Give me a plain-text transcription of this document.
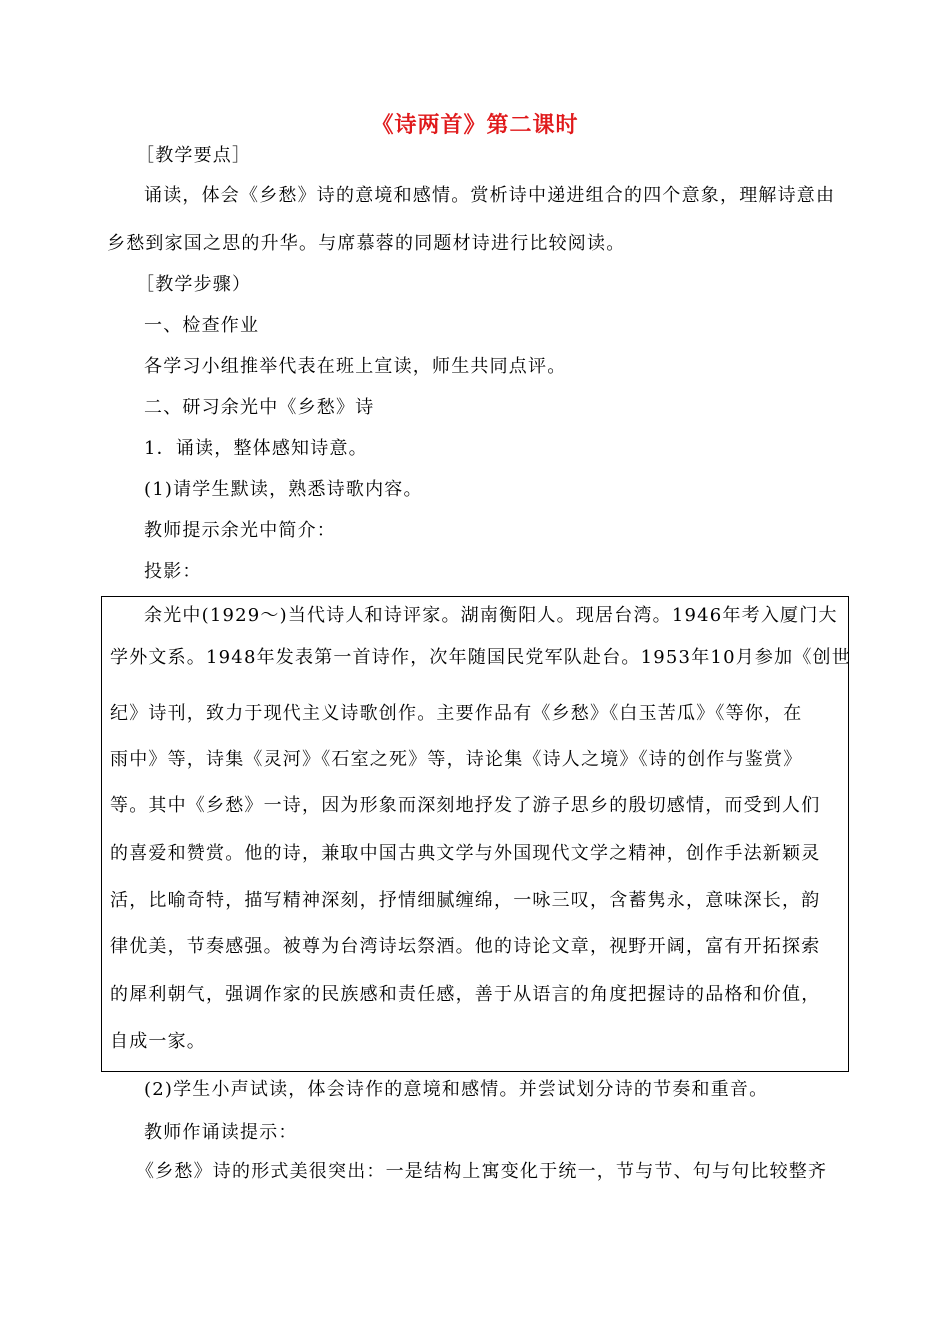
《诗两首》第二课时
［教学要点］
诵读，体会《乡愁》诗的意境和感情。赏析诗中递进组合的四个意象，理解诗意由
乡愁到家国之思的升华。与席慕蓉的同题材诗进行比较阅读。
［教学步骤）
一、检查作业
各学习小组推举代表在班上宣读，师生共同点评。
二、研习余光中《乡愁》诗
1．诵读，整体感知诗意。
(1)请学生默读，熟悉诗歌内容。
教师提示余光中简介：
投影：
余光中(1929～)当代诗人和诗评家。湖南衡阳人。现居台湾。1946年考入厦门大
学外文系。1948年发表第一首诗作，次年随国民党军队赴台。1953年10月参加《创世
纪》诗刊，致力于现代主义诗歌创作。主要作品有《乡愁》《白玉苦瓜》《等你，在
雨中》等，诗集《灵河》《石室之死》等，诗论集《诗人之境》《诗的创作与鉴赏》
等。其中《乡愁》一诗，因为形象而深刻地抒发了游子思乡的殷切感情，而受到人们
的喜爱和赞赏。他的诗，兼取中国古典文学与外国现代文学之精神，创作手法新颖灵
活，比喻奇特，描写精神深刻，抒情细腻缠绵，一咏三叹，含蓄隽永，意味深长，韵
律优美，节奏感强。被尊为台湾诗坛祭酒。他的诗论文章，视野开阔，富有开拓探索
的犀利朝气，强调作家的民族感和责任感，善于从语言的角度把握诗的品格和价值，
自成一家。
(2)学生小声试读，体会诗作的意境和感情。并尝试划分诗的节奏和重音。
教师作诵读提示：
《乡愁》诗的形式美很突出：一是结构上寓变化于统一，节与节、句与句比较整齐
